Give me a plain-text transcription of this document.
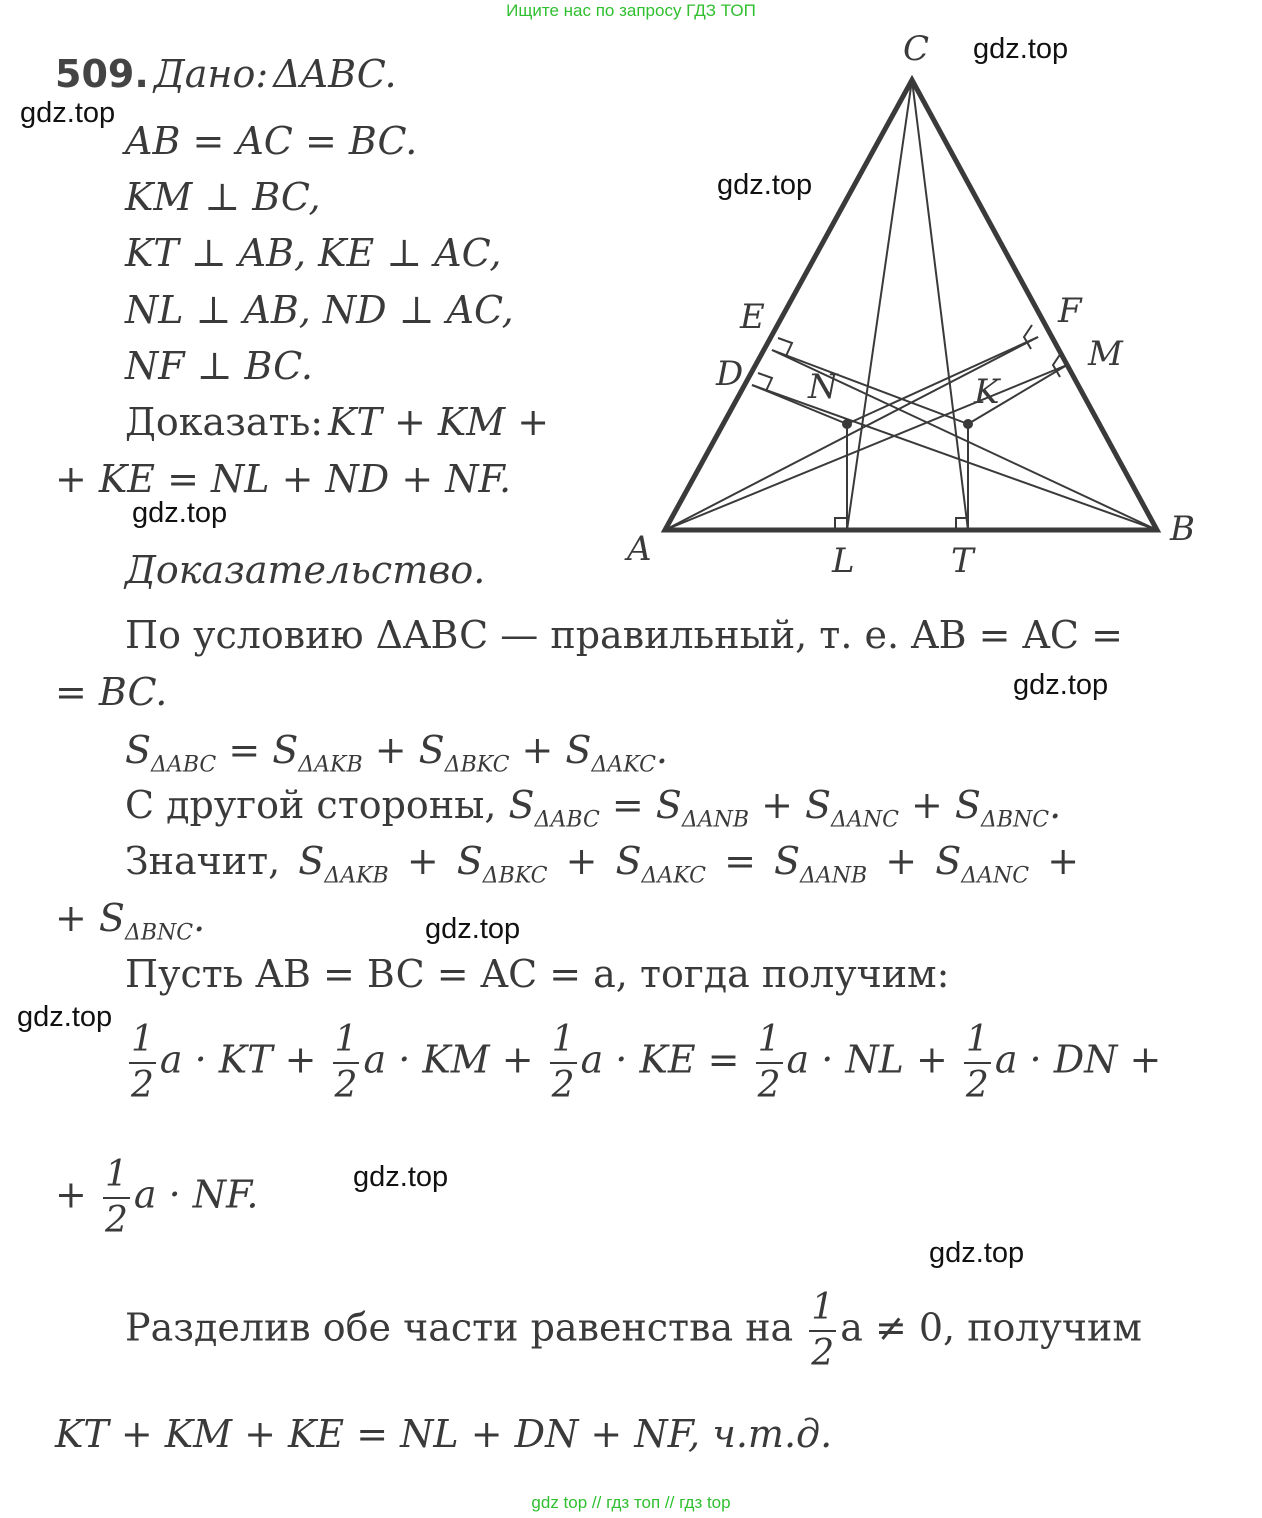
Ищите нас по запросу ГДЗ ТОП
gdz top // гдз топ // гдз top
gdz.top
gdz.top
gdz.top
gdz.top
gdz.top
gdz.top
gdz.top
gdz.top
gdz.top
509. Дано: ΔABC.
AB = AC = BC.
KM ⊥ BC,
KT ⊥ AB, KE ⊥ AC,
NL ⊥ AB, ND ⊥ AC,
NF ⊥ BC.
Доказать: KT + KM +
+ KE = NL + ND + NF.
Доказательство.
C
A	B
E
D
F
M
N	K
L	T
По условию ΔABC — правильный, т. е. AB = AC =
= BC.
$S_{\Delta ABC} = S_{\Delta AKB} + S_{\Delta BKC} + S_{\Delta AKC}$.
С другой стороны, $S_{\Delta ABC} = S_{\Delta ANB} + S_{\Delta ANC} + S_{\Delta BNC}$.
Значит, $S_{\Delta AKB} + S_{\Delta BKC} + S_{\Delta AKC} = S_{\Delta ANB} + S_{\Delta ANC}$ +
+ $S_{\Delta BNC}$.
Пусть AB = BC = AC = a, тогда получим:
$\frac{1}{2}$ a · KT + $\frac{1}{2}$ a · KM + $\frac{1}{2}$ a · KE = $\frac{1}{2}$ a · NL + $\frac{1}{2}$ a · DN +
+ $\frac{1}{2}$ a · NF.
Разделив обе части равенства на $\frac{1}{2}$ a ≠ 0, получим
KT + KM + KE = NL + DN + NF, ч.т.д.
